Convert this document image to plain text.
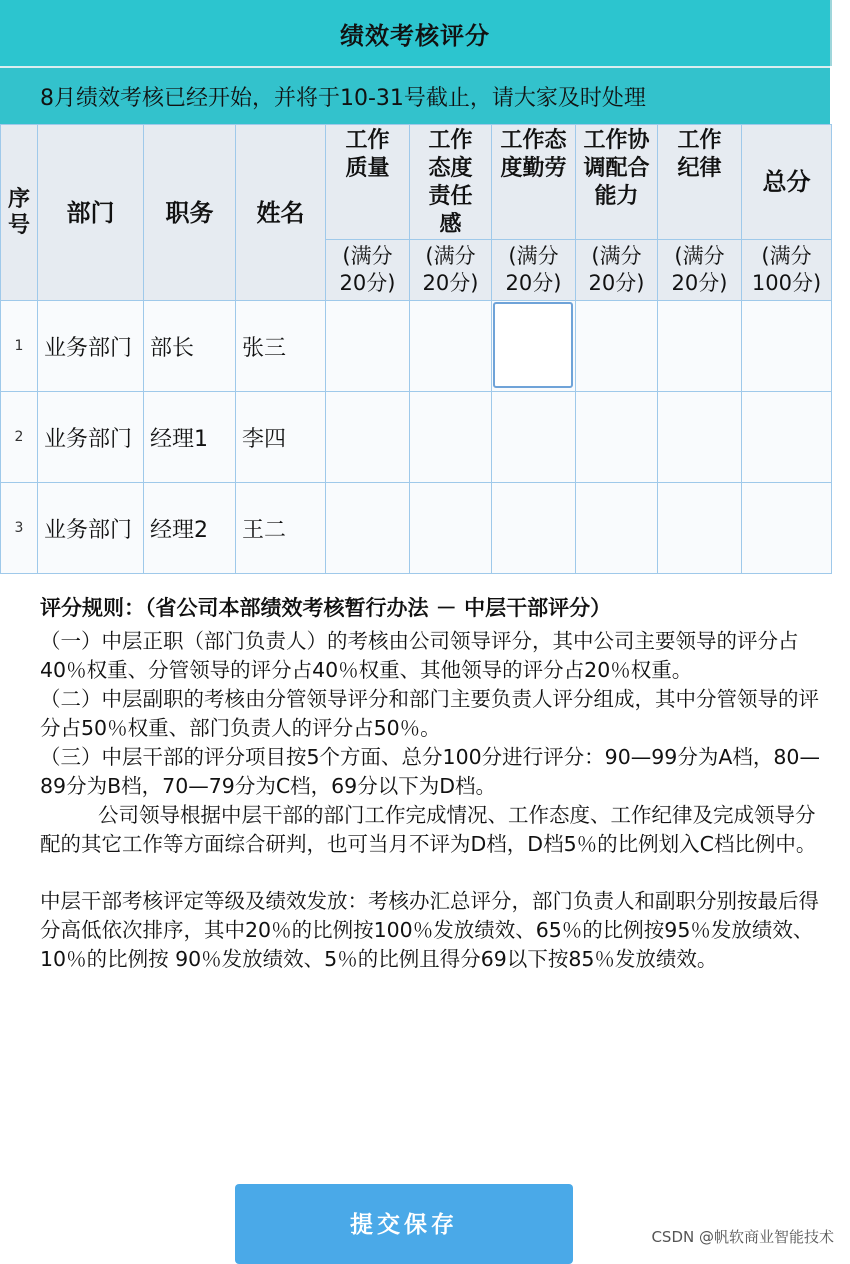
绩效考核评分
8月绩效考核已经开始，并将于10-31号截止，请大家及时处理
序号	部门	职务	姓名	工作质量	工作态度责任感	工作态度勤劳	工作协调配合能力	工作纪律	总分
				(满分20分)	(满分20分)	(满分20分)	(满分20分)	(满分20分)	(满分100分)
1	业务部门	部长	张三			

2	业务部门	经理1	李四						
3	业务部门	经理2	王二						

评分规则：（省公司本部绩效考核暂行办法 － 中层干部评分）

（一）中层正职（部门负责人）的考核由公司领导评分，其中公司主要领导的评分占40％权重、分管领导的评分占40％权重、其他领导的评分占20％权重。

（二）中层副职的考核由分管领导评分和部门主要负责人评分组成，其中分管领导的评分占50％权重、部门负责人的评分占50％。

（三）中层干部的评分项目按5个方面、总分100分进行评分：90—99分为A档，80—89分为B档，70—79分为C档，69分以下为D档。

公司领导根据中层干部的部门工作完成情况、工作态度、工作纪律及完成领导分配的其它工作等方面综合研判，也可当月不评为D档，D档5％的比例划入C档比例中。

中层干部考核评定等级及绩效发放：考核办汇总评分，部门负责人和副职分别按最后得分高低依次排序，其中20％的比例按100％发放绩效、65％的比例按95％发放绩效、10％的比例按 90％发放绩效、5％的比例且得分69以下按85％发放绩效。

提交保存	CSDN @帆软商业智能技术
